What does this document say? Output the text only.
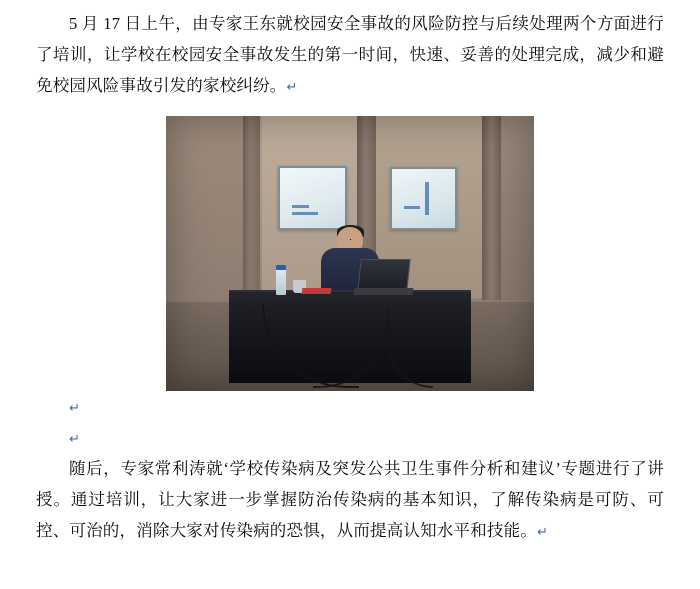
5 月 17 日上午，由专家王东就校园安全事故的风险防控与后续处理两个方面进行了培训，让学校在校园安全事故发生的第一时间，快速、妥善的处理完成，减少和避免校园风险事故引发的家校纠纷。↵

↵

↵

随后，专家常利涛就‘学校传染病及突发公共卫生事件分析和建议’专题进行了讲授。通过培训，让大家进一步掌握防治传染病的基本知识，了解传染病是可防、可控、可治的，消除大家对传染病的恐惧，从而提高认知水平和技能。↵
